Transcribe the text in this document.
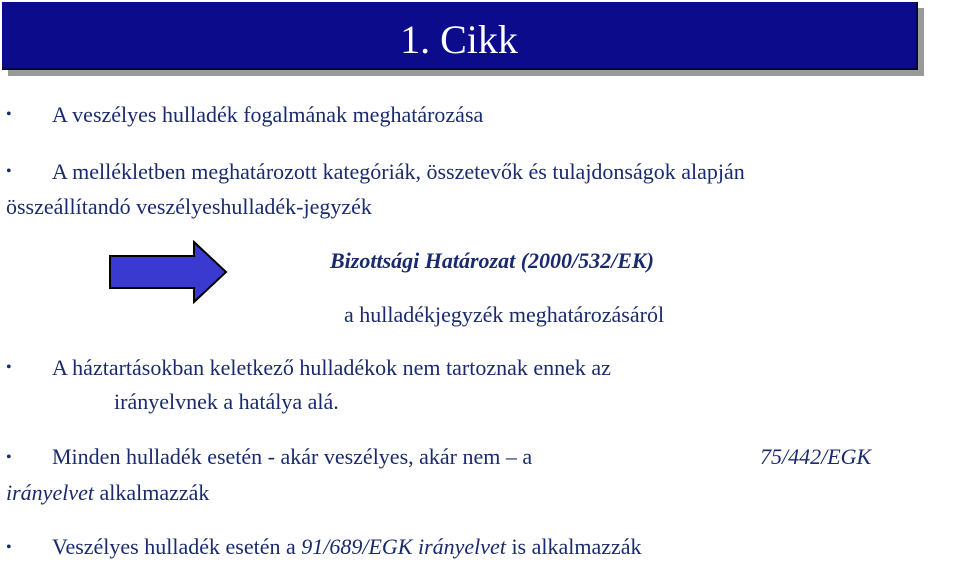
1. Cikk
• A veszélyes hulladék fogalmának meghatározása
• A mellékletben meghatározott kategóriák, összetevők és tulajdonságok alapján
összeállítandó veszélyeshulladék-jegyzék
Bizottsági Határozat (2000/532/EK)
a hulladékjegyzék meghatározásáról
• A háztartásokban keletkező hulladékok nem tartoznak ennek az
irányelvnek a hatálya alá.
• Minden hulladék esetén - akár veszélyes, akár nem – a	75/442/EGK
irányelvet alkalmazzák
• Veszélyes hulladék esetén a 91/689/EGK irányelvet is alkalmazzák
